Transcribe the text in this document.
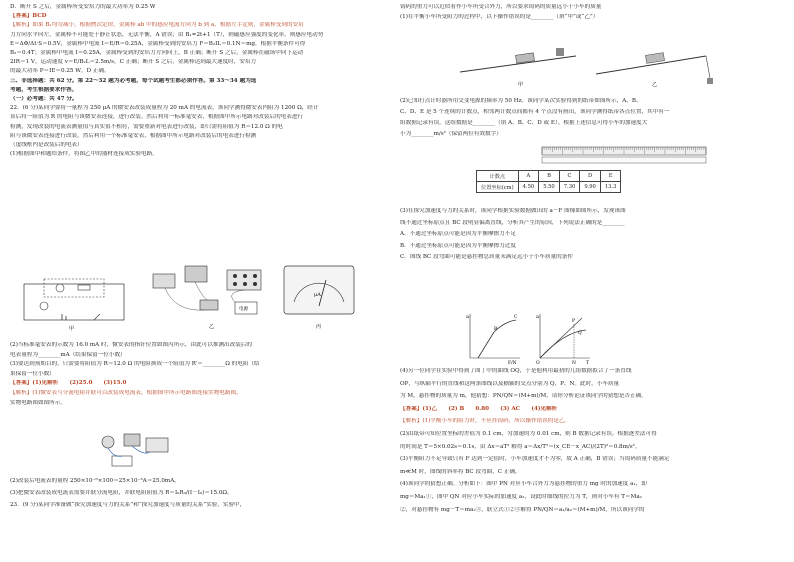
D．断开 S 之后，金属棒所受安培力的最大功率为 0.25 W
【答案】BCD
【解析】如果 B₁均匀减小，根据楞次定律，金属棒 ab 中的感应电流方向为 b 到 a，根据左手定则，金属棒受到的安培
力方向水平向左，金属棒不可能处于静止状态，无法平衡，A 错误；由 B₁=2t+1（T），则磁感应强度的变化率，则感应电动势
E＝ΔΦ/Δt·S＝0.5V，金属棒中电流 I＝E/R＝0.25A，金属棒受到的安培力 F＝B₂IL＝0.1N＝mg，根据平衡条件可得
B₂＝0.4T；金属棒中电流 I＝0.25A，金属棒受到的安培力方向向上，B 正确；断开 S 之后，金属棒在磁场中向下运动
2IR＝1 V，运动速度 v＝E/B₂L＝2.5m/s，C 正确；断开 S 之后，金属棒达到最大速度时，安培力
的最大功率 P＝IE＝0.25 W，D 正确。
三、非选择题：共 62 分。第 22～32 题为必考题，每个试题考生都必须作答。第 33～34 题为选
考题，考生根据要求作答。
（一）必考题：共 47 分。
22．(6 分)某同学要将一量程为 250 μA 的微安表改装成量程为 20 mA 的电流表，该同学测得微安表内阻为 1200 Ω，经计
算后将一阻值为 R 的电阻与该微安表连接，进行改装。然后利用一标准毫安表，根据图甲所示电路对改装后的电表进行
检测，发现改装的电流表测量值与真实值不相符，需要重新对电表进行改装，即只需将阻值为 R＝12.0 Ω 的电
阻与该微安表连接进行改装，然后利用一个标准毫安表，根据图甲所示电路对改装后的电表进行检测
（虚线框内是改装后的电表）
(1)根据图甲和题给条件，将图乙中的器材连接成实验电路。
甲
电源
乙
μA
丙
(2)当标准毫安表的示数为 16.0 mA 时，微安表的指针位置如图丙所示，由此可以推测出改装后的
电表量程为________mA（结果保留一位小数）
(3)要达到预期目的，只需要将阻值为 R＝12.0 Ω 的电阻换成一个阻值为 R′＝________Ω 的电阻（结
果保留一位小数）
【答案】(1)见解析　　(2)25.0　　(3)15.0
【解析】(1)微安表与分流电阻并联可以改装成电流表，根据图甲所示电路图连接实物电路图，
实物电路图如图所示。
(2)改装后电流表的量程 250×10⁻⁶×100＝25×10⁻³A＝25.0mA。
(3)把微安表改装成电流表需要并联分流电阻，并联电阻阻值为 R＝I₀R₀/(I－I₀)＝15.0Ω。
23．(9 分)某同学准备做“探究加速度与力的关系”和“探究加速度与质量的关系”实验，实验中，
钩码的重力可以近似看作小车所受合外力，所以要求钩码的质量远小于小车的质量
(1)在平衡小车所受阻力的过程中，以下操作错误的是________（填“甲”或“乙”）
甲	乙
(2)已知打点计时器所用交变电源的频率为 50 Hz。该同学某次实验得到的纸带如图所示，A、B、
C、D、E 是 5 个连续的计数点，相邻两计数点间都有 4 个点没有画出，该同学测得纸带各点位置，其中有一
组数据记录有误，这组数据是________（填 A、B、C、D 或 E）。根据上述信息可得小车的加速度大
小为________m/s²（保留两位有效数字）
计数点	A	B	C	D	E
位置坐标(cm)	4.50	5.50	7.30	9.90	13.3
(3)在探究加速度与力的关系时，该同学根据实验数据做出的 a－F 图像如图所示，发现该图
线不通过坐标原点且 BC 段明显偏离直线，分析其产生的原因，下列说法正确的是________
A．不通过坐标原点可能是因为平衡摩擦力不足
B．不通过坐标原点可能是因为平衡摩擦力过度
C．图线 BC 段弯曲可能是悬挂物总质量未满足远小于小车质量的条件
a
F/N
B
C	a
O
P
Q
N T
(4)另一位同学在实验中得到了图丁中的曲线 OQ，于是他利用最初的几组数据拟合了一条直线
OP，与纵轴平行的直线和这两条图线以及横轴的交点分别为 Q、P、N。此时，小车质量
为 M，悬挂物的质量为 m，他猜想：PN/QN＝(M+m)/M，请你分析论证该同学的猜想是否正确。
【答案】(1)乙　　(2) B　　0.80　　(3) AC　　(4)见解析
【解析】(1)平衡小车的阻力时，不应挂钩码，所以操作错误的是乙。
(2)由纸带可知位置坐标的差值为 0.1 cm，匀加速的为 0.01 cm，则 B 数据记录有误。根据逐差法可得
的时间是 T＝5×0.02s＝0.1s，由 Δx＝aT² 解得 a＝Δx/T²＝(x_CE－x_AC)/(2T)²＝0.8m/s²。
(3)平衡阻力不足导致只有 F 达到一定值时，小车加速度才不为零，故 A 正确，B 错误；当钩码质量不能满足
m≪M 时，图线的斜率将 BC 段弯曲，C 正确。
(4)该同学的猜想正确。分析如下：图中 PN 对应小车合外力为悬挂物的重力 mg 时的加速度 a₁，即
mg＝Ma₁①，图中 QN 对应小车实际的加速度 a₂，设此时细线的拉力为 T，则对小车有 T＝Ma₂
②，对悬挂物有 mg－T＝ma₂③，联立式①②③解得 PN/QN＝a₁/a₂＝(M+m)/M，所以该同学的
